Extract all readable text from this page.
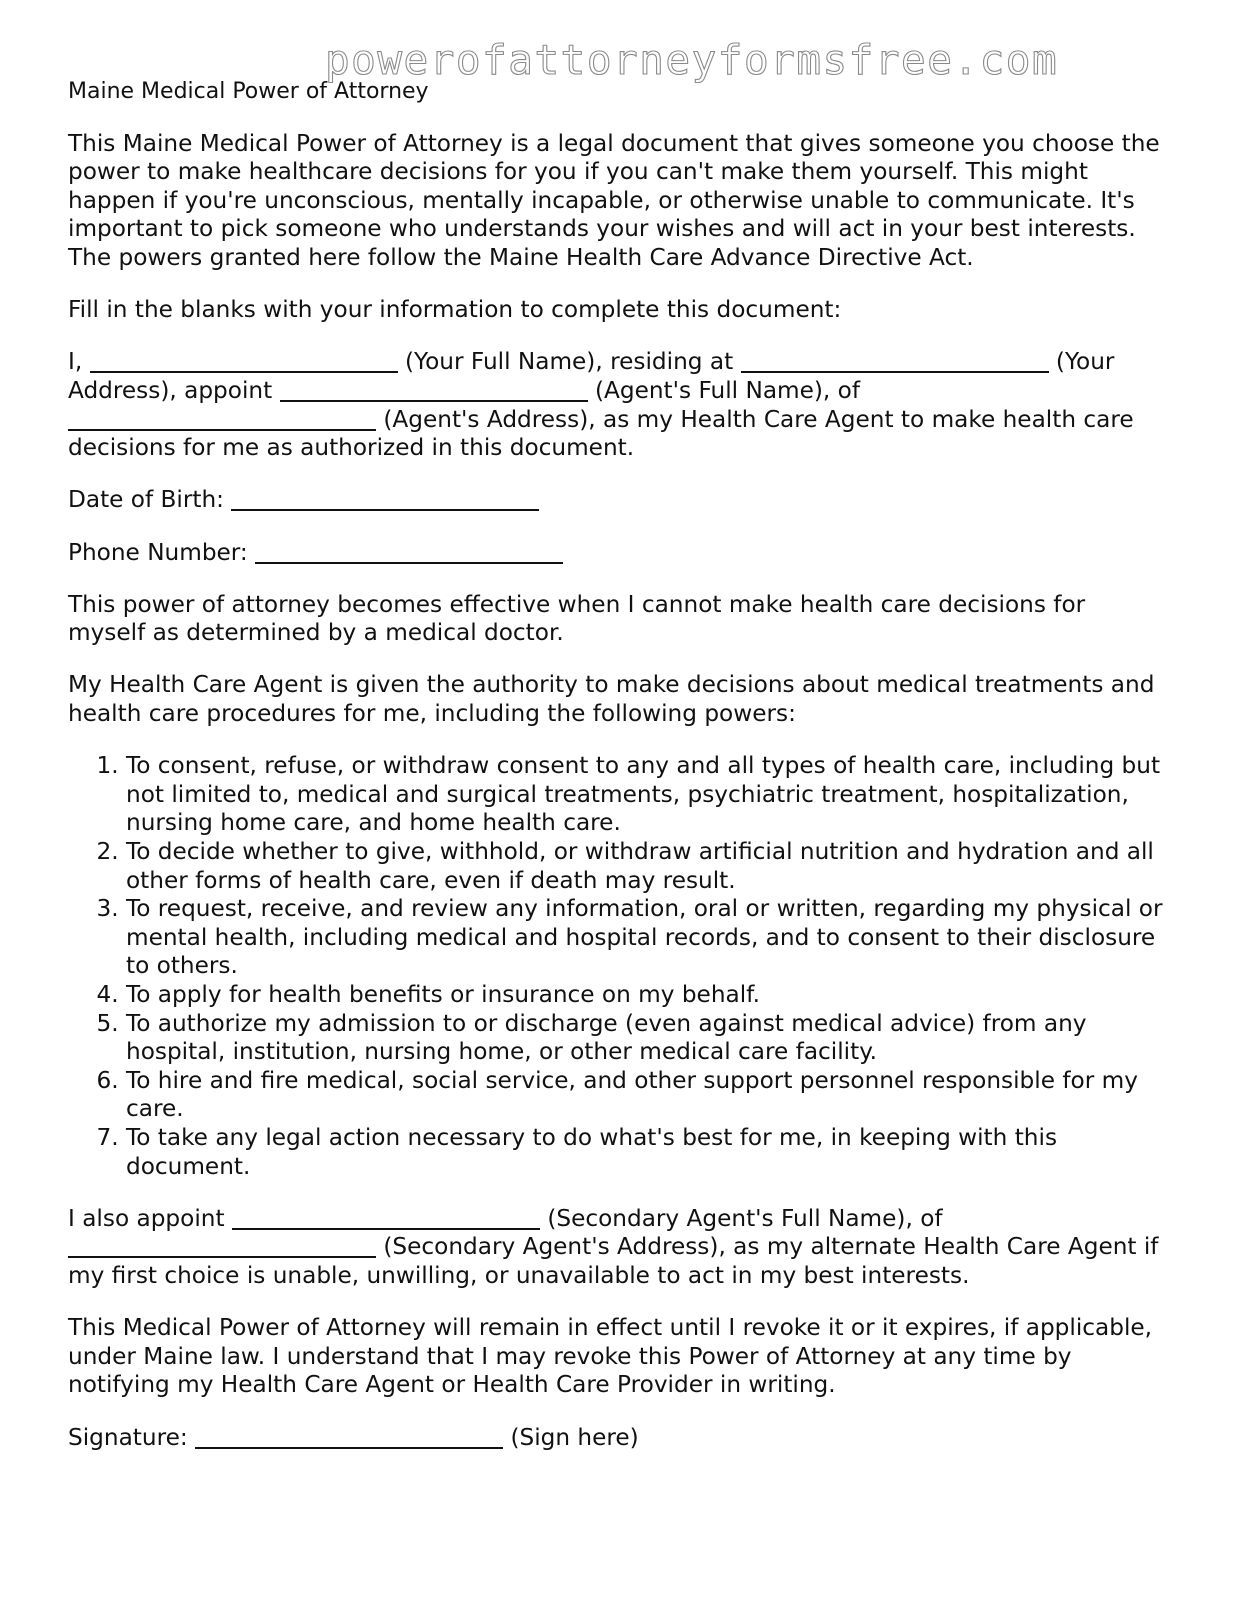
powerofattorneyformsfree.com
Maine Medical Power of Attorney

This Maine Medical Power of Attorney is a legal document that gives someone you choose the power to make healthcare decisions for you if you can't make them yourself. This might happen if you're unconscious, mentally incapable, or otherwise unable to communicate. It's important to pick someone who understands your wishes and will act in your best interests. The powers granted here follow the Maine Health Care Advance Directive Act.

Fill in the blanks with your information to complete this document:

I,	(Your Full Name), residing at	(Your Address), appoint	(Agent's Full Name), of  (Agent's Address), as my Health Care Agent to make health care decisions for me as authorized in this document.

Date of Birth:

Phone Number:

This power of attorney becomes effective when I cannot make health care decisions for myself as determined by a medical doctor.

My Health Care Agent is given the authority to make decisions about medical treatments and health care procedures for me, including the following powers:

1. To consent, refuse, or withdraw consent to any and all types of health care, including but not limited to, medical and surgical treatments, psychiatric treatment, hospitalization, nursing home care, and home health care.
2. To decide whether to give, withhold, or withdraw artificial nutrition and hydration and all other forms of health care, even if death may result.
3. To request, receive, and review any information, oral or written, regarding my physical or mental health, including medical and hospital records, and to consent to their disclosure to others.
4. To apply for health benefits or insurance on my behalf.
5. To authorize my admission to or discharge (even against medical advice) from any hospital, institution, nursing home, or other medical care facility.
6. To hire and fire medical, social service, and other support personnel responsible for my care.
7. To take any legal action necessary to do what's best for me, in keeping with this document.

I also appoint	(Secondary Agent's Full Name), of  (Secondary Agent's Address), as my alternate Health Care Agent if my first choice is unable, unwilling, or unavailable to act in my best interests.

This Medical Power of Attorney will remain in effect until I revoke it or it expires, if applicable, under Maine law. I understand that I may revoke this Power of Attorney at any time by notifying my Health Care Agent or Health Care Provider in writing.

Signature:	(Sign here)
